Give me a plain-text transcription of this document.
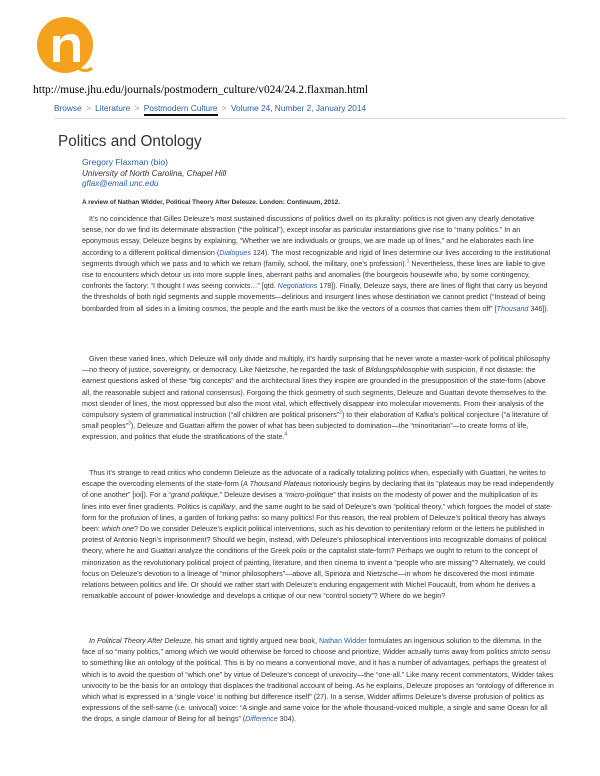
http://muse.jhu.edu/journals/postmodern_culture/v024/24.2.flaxman.html
Browse > Literature > Postmodern Culture > Volume 24, Number 2, January 2014
Politics and Ontology
Gregory Flaxman (bio)
University of North Carolina, Chapel Hill
gflax@email.unc.edu
A review of Nathan Widder, Political Theory After Deleuze. London: Continuum, 2012.

It’s no coincidence that Gilles Deleuze’s most sustained discussions of politics dwell on its plurality: politics is not given any clearly denotative sense, nor do we find its determinate abstraction (“the political”), except insofar as particular instantiations give rise to “many politics.” In an eponymous essay, Deleuze begins by explaining, “Whether we are individuals or groups, we are made up of lines,” and he elaborates each line according to a different political dimension (Dialogues 124). The most recognizable and rigid of lines determine our lives according to the institutional segments through which we pass and to which we return (family, school, the military, one’s profession).$^1$ Nevertheless, these lines are liable to give rise to encounters which detour us into more supple lines, aberrant paths and anomalies (the bourgeois housewife who, by some contingency, confronts the factory: “I thought I was seeing convicts…” [qtd. Negotiations 178]). Finally, Deleuze says, there are lines of flight that carry us beyond the thresholds of both rigid segments and supple movements—delirious and insurgent lines whose destination we cannot predict (“Instead of being bombarded from all sides in a limiting cosmos, the people and the earth must be like the vectors of a cosmos that carries them off” [Thousand 346]).

Given these varied lines, which Deleuze will only divide and multiply, it’s hardly surprising that he never wrote a master-work of political philosophy—no theory of justice, sovereignty, or democracy. Like Nietzsche, he regarded the task of Bildungsphilosophie with suspicion, if not distaste: the earnest questions asked of these “big concepts” and the architectural lines they inspire are grounded in the presupposition of the state-form (above all, the reasonable subject and rational consensus). Forgoing the thick geometry of such segments, Deleuze and Guattari devote themselves to the most slender of lines, the most oppressed but also the most vital, which effectively disappear into molecular movements. From their analysis of the compulsory system of grammatical instruction (“all children are political prisoners”$^2$) to their elaboration of Kafka’s political conjecture (“a literature of small peoples”$^3$), Deleuze and Guattari affirm the power of what has been subjected to domination—the “minoritarian”—to create forms of life, expression, and politics that elude the stratifications of the state.$^4$

Thus it’s strange to read critics who condemn Deleuze as the advocate of a radically totalizing politics when, especially with Guattari, he writes to escape the overcoding elements of the state-form (A Thousand Plateaus notoriously begins by declaring that its “plateaus may be read independently of one another” [xx]). For a “grand politique,” Deleuze devises a “micro-politique” that insists on the modesty of power and the multiplication of its lines into ever finer gradients. Politics is capillary, and the same ought to be said of Deleuze’s own “political theory,” which forgoes the model of state-form for the profusion of lines, a garden of forking paths: so many politics! For this reason, the real problem of Deleuze’s political theory has always been: which one? Do we consider Deleuze’s explicit political interventions, such as his devotion to penitentiary reform or the letters he published in protest of Antonio Negri’s imprisonment? Should we begin, instead, with Deleuze’s philosophical interventions into recognizable domains of political theory, where he and Guattari analyze the conditions of the Greek polis or the capitalist state-form? Perhaps we ought to return to the concept of minorization as the revolutionary political project of painting, literature, and then cinema to invent a “people who are missing”? Alternately, we could focus on Deleuze’s devotion to a lineage of “minor philosophers”—above all, Spinoza and Nietzsche—in whom he discovered the most intimate relations between politics and life. Or should we rather start with Deleuze’s enduring engagement with Michel Foucault, from whom he derives a remarkable account of power-knowledge and develops a critique of our new “control society”? Where do we begin?

In Political Theory After Deleuze, his smart and tightly argued new book, Nathan Widder formulates an ingenious solution to the dilemma. In the face of so “many politics,” among which we would otherwise be forced to choose and prioritize, Widder actually turns away from politics stricto sensu to something like an ontology of the political. This is by no means a conventional move, and it has a number of advantages, perhaps the greatest of which is to avoid the question of “which one” by virtue of Deleuze’s concept of univocity—the “one-all.” Like many recent commentators, Widder takes univocity to be the basis for an ontology that displaces the traditional account of being. As he explains, Deleuze proposes an “ontology of difference in which what is expressed in a ‘single voice’ is nothing but difference itself” (27). In a sense, Widder affirms Deleuze’s diverse profusion of politics as expressions of the self-same (i.e. univocal) voice: “A single and same voice for the whole thousand-voiced multiple, a single and same Ocean for all the drops, a single clamour of Being for all beings” (Difference 304).
